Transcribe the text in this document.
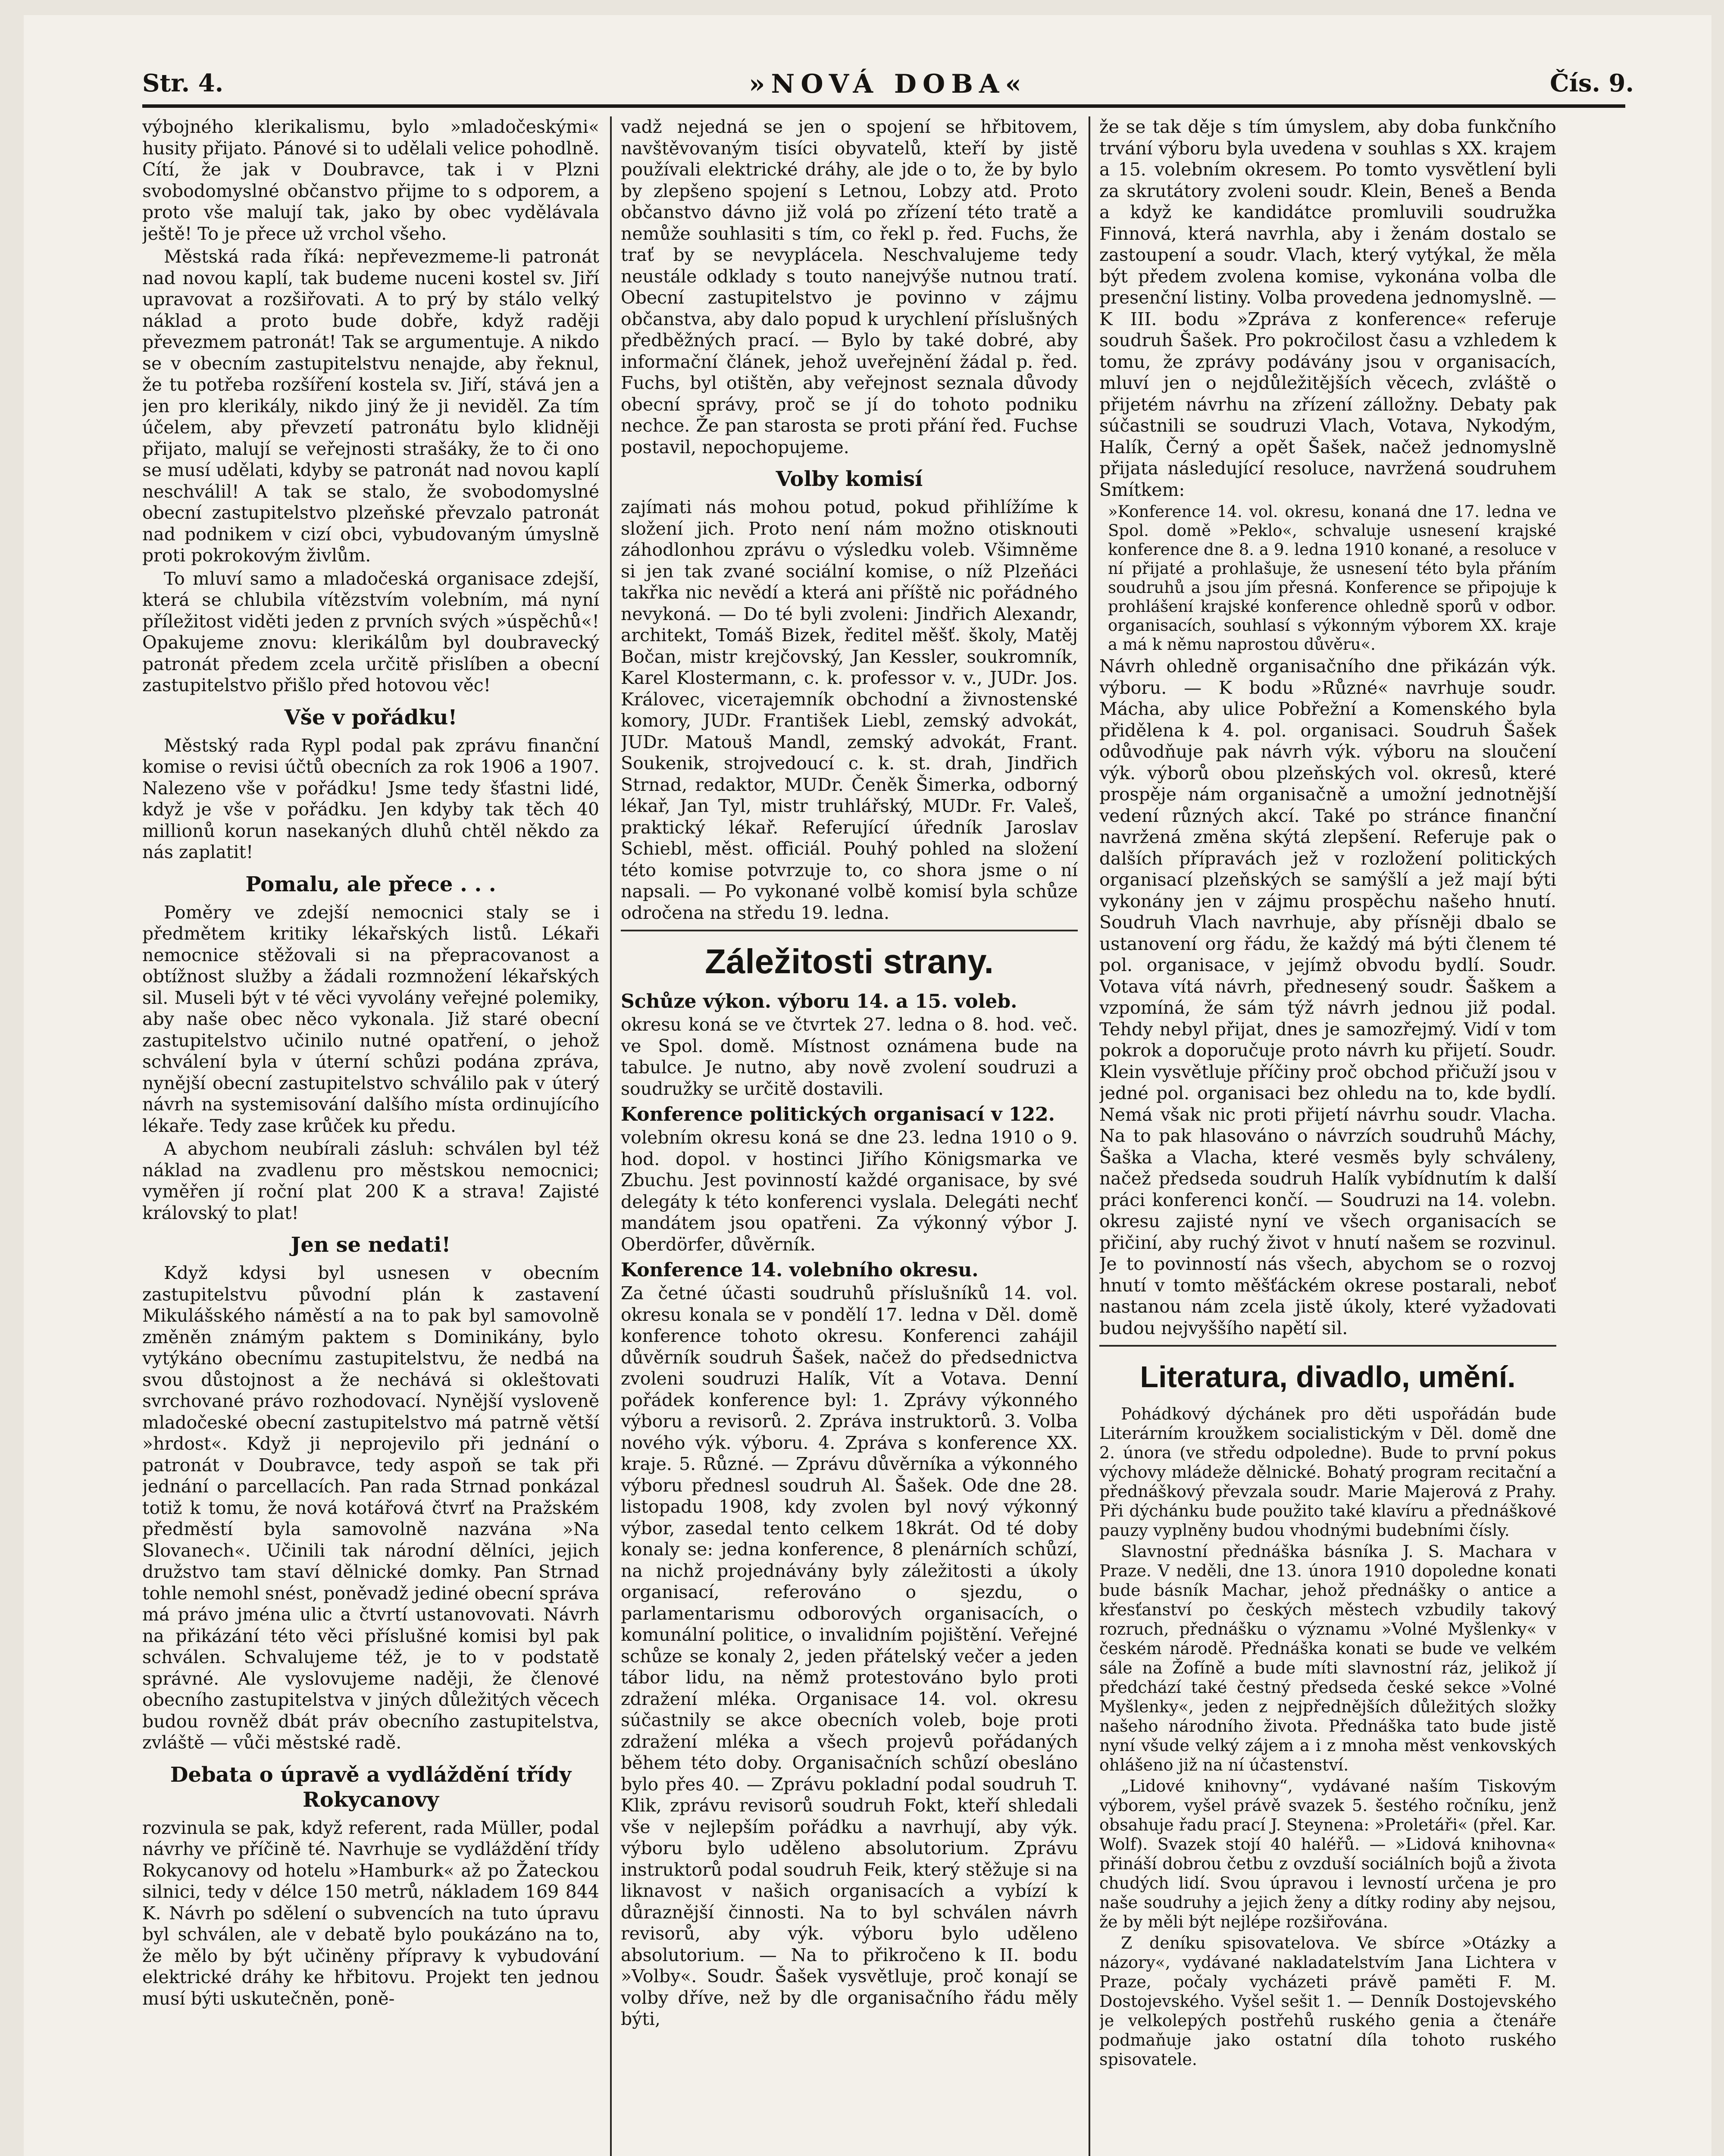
Str. 4.	»NOVÁ DOBA«	Čís. 9.

výbojného klerikalismu, bylo »mladočeskými« husity přijato. Pánové si to udělali velice pohodlně. Cítí, že jak v Doubravce, tak i v Plzni svobodomyslné občanstvo přijme to s odporem, a proto vše malují tak, jako by obec vydělávala ještě! To je přece už vrchol všeho.

Městská rada říká: nepřevezmeme-li patronát nad novou kaplí, tak budeme nuceni kostel sv. Jiří upravovat a rozšiřovati. A to prý by stálo velký náklad a proto bude dobře, když raději převezmem patronát! Tak se argumentuje. A nikdo se v obecním zastupitelstvu nenajde, aby řeknul, že tu potřeba rozšíření kostela sv. Jiří, stává jen a jen pro klerikály, nikdo jiný že ji neviděl. Za tím účelem, aby převzetí patronátu bylo klidněji přijato, malují se veřejnosti strašáky, že to či ono se musí udělati, kdyby se patronát nad novou kaplí neschválil! A tak se stalo, že svobodomyslné obecní zastupitelstvo plzeňské převzalo patronát nad podnikem v cizí obci, vybudovaným úmyslně proti pokrokovým živlům.

To mluví samo a mladočeská organisace zdejší, která se chlubila vítězstvím volebním, má nyní příležitost viděti jeden z prvních svých »úspěchů«! Opakujeme znovu: klerikálům byl doubravecký patronát předem zcela určitě přislíben a obecní zastupitelstvo přišlo před hotovou věc!

Vše v pořádku!

Městský rada Rypl podal pak zprávu finanční komise o revisi účtů obecních za rok 1906 a 1907. Nalezeno vše v pořádku! Jsme tedy šťastni lidé, když je vše v pořádku. Jen kdyby tak těch 40 millionů korun nasekaných dluhů chtěl někdo za nás zaplatit!

Pomalu, ale přece . . .

Poměry ve zdejší nemocnici staly se i předmětem kritiky lékařských listů. Lékaři nemocnice stěžovali si na přepracovanost a obtížnost služby a žádali rozmnožení lékařských sil. Museli být v té věci vyvolány veřejné polemiky, aby naše obec něco vykonala. Již staré obecní zastupitelstvo učinilo nutné opatření, o jehož schválení byla v úterní schůzi podána zpráva, nynější obecní zastupitelstvo schválilo pak v úterý návrh na systemisování dalšího místa ordinujícího lékaře. Tedy zase krůček ku předu.

A abychom neubírali zásluh: schválen byl též náklad na zvadlenu pro městskou nemocnici; vyměřen jí roční plat 200 K a strava! Zajisté královský to plat!

Jen se nedati!

Když kdysi byl usnesen v obecním zastupitelstvu původní plán k zastavení Mikulášského náměstí a na to pak byl samovolně změněn známým paktem s Dominikány, bylo vytýkáno obecnímu zastupitelstvu, že nedbá na svou důstojnost a že nechává si okleštovati svrchované právo rozhodovací. Nynější vysloveně mladočeské obecní zastupitelstvo má patrně větší »hrdost«. Když ji neprojevilo při jednání o patronát v Doubravce, tedy aspoň se tak při jednání o parcellacích. Pan rada Strnad ponkázal totiž k tomu, že nová kotářová čtvrť na Pražském předměstí byla samovolně nazvána »Na Slovanech«. Učinili tak národní dělníci, jejich družstvo tam staví dělnické domky. Pan Strnad tohle nemohl snést, poněvadž jediné obecní správa má právo jména ulic a čtvrtí ustanovovati. Návrh na přikázání této věci příslušné komisi byl pak schválen. Schvalujeme též, je to v podstatě správné. Ale vyslovujeme naději, že členové obecního zastupitelstva v jiných důležitých věcech budou rovněž dbát práv obecního zastupitelstva, zvláště — vůči městské radě.

Debata o úpravě a vydláždění třídy Rokycanovy

rozvinula se pak, když referent, rada Müller, podal návrhy ve příčině té. Navrhuje se vydláždění třídy Rokycanovy od hotelu »Hamburk« až po Žateckou silnici, tedy v délce 150 metrů, nákladem 169 844 K. Návrh po sdělení o subvencích na tuto úpravu byl schválen, ale v debatě bylo poukázáno na to, že mělo by být učiněny přípravy k vybudování elektrické dráhy ke hřbitovu. Projekt ten jednou musí býti uskutečněn, poně-

vadž nejedná se jen o spojení se hřbitovem, navštěvovaným tisíci obyvatelů, kteří by jistě používali elektrické dráhy, ale jde o to, že by bylo by zlepšeno spojení s Letnou, Lobzy atd. Proto občanstvo dávno již volá po zřízení této tratě a nemůže souhlasiti s tím, co řekl p. řed. Fuchs, že trať by se nevyplácela. Neschvalujeme tedy neustále odklady s touto nanejvýše nutnou tratí. Obecní zastupitelstvo je povinno v zájmu občanstva, aby dalo popud k urychlení příslušných předběžných prací. — Bylo by také dobré, aby informační článek, jehož uveřejnění žádal p. řed. Fuchs, byl otištěn, aby veřejnost seznala důvody obecní správy, proč se jí do tohoto podniku nechce. Že pan starosta se proti přání řed. Fuchse postavil, nepochopujeme.

Volby komisí

zajímati nás mohou potud, pokud přihlížíme k složení jich. Proto není nám možno otisknouti záhodlonhou zprávu o výsledku voleb. Všimněme si jen tak zvané sociální komise, o níž Plzeňáci takřka nic nevědí a která ani příště nic pořádného nevykoná. — Do té byli zvoleni: Jindřich Alexandr, architekt, Tomáš Bizek, ředitel měšť. školy, Matěj Bočan, mistr krejčovský, Jan Kessler, soukromník, Karel Klostermann, c. k. professor v. v., JUDr. Jos. Královec, viceтajemník obchodní a živnostenské komory, JUDr. František Liebl, zemský advokát, JUDr. Matouš Mandl, zemský advokát, Frant. Soukenik, strojvedoucí c. k. st. drah, Jindřich Strnad, redaktor, MUDr. Čeněk Šimerka, odborný lékař, Jan Tyl, mistr truhlářský, MUDr. Fr. Valeš, praktický lékař. Referující úředník Jaroslav Schiebl, měst. officiál. Pouhý pohled na složení této komise potvrzuje to, co shora jsme o ní napsali. — Po vykonané volbě komisí byla schůze odročena na středu 19. ledna.

Záležitosti strany.
Schůze výkon. výboru 14. a 15. voleb.

okresu koná se ve čtvrtek 27. ledna o 8. hod. več. ve Spol. domě. Místnost oznámena bude na tabulce. Je nutno, aby nově zvolení soudruzi a soudružky se určitě dostavili.

Konference politických organisací v 122.

volebním okresu koná se dne 23. ledna 1910 o 9. hod. dopol. v hostinci Jiřího Königsmarka ve Zbuchu. Jest povinností každé organisace, by své delegáty k této konferenci vyslala. Delegáti nechť mandátem jsou opatřeni. Za výkonný výbor J. Oberdörfer, důvěrník.

Konference 14. volebního okresu.

Za četné účasti soudruhů příslušníků 14. vol. okresu konala se v pondělí 17. ledna v Děl. domě konference tohoto okresu. Konferenci zahájil důvěrník soudruh Šašek, načež do předsednictva zvoleni soudruzi Halík, Vít a Votava. Denní pořádek konference byl: 1. Zprávy výkonného výboru a revisorů. 2. Zpráva instruktorů. 3. Volba nového výk. výboru. 4. Zpráva s konference XX. kraje. 5. Různé. — Zprávu důvěrníka a výkonného výboru přednesl soudruh Al. Šašek. Ode dne 28. listopadu 1908, kdy zvolen byl nový výkonný výbor, zasedal tento celkem 18krát. Od té doby konaly se: jedna konference, 8 plenárních schůzí, na nichž projednávány byly záležitosti a úkoly organisací, referováno o sjezdu, o parlamentarismu odborových organisacích, o komunální politice, o invalidním pojištění. Veřejné schůze se konaly 2, jeden přátelský večer a jeden tábor lidu, na němž protestováno bylo proti zdražení mléka. Organisace 14. vol. okresu súčastnily se akce obecních voleb, boje proti zdražení mléka a všech projevů pořádaných během této doby. Organisačních schůzí obesláno bylo přes 40. — Zprávu pokladní podal soudruh T. Klik, zprávu revisorů soudruh Fokt, kteří shledali vše v nejlepším pořádku a navrhují, aby výk. výboru bylo uděleno absolutorium. Zprávu instruktorů podal soudruh Feik, který stěžuje si na liknavost v našich organisacích a vybízí k důraznější činnosti. Na to byl schválen návrh revisorů, aby výk. výboru bylo uděleno absolutorium. — Na to přikročeno k II. bodu »Volby«. Soudr. Šašek vysvětluje, proč konají se volby dříve, než by dle organisačního řádu měly býti,

že se tak děje s tím úmyslem, aby doba funkčního trvání výboru byla uvedena v souhlas s XX. krajem a 15. volebním okresem. Po tomto vysvětlení byli za skrutátory zvoleni soudr. Klein, Beneš a Benda a když ke kandidátce promluvili soudružka Finnová, která navrhla, aby i ženám dostalo se zastoupení a soudr. Vlach, který vytýkal, že měla být předem zvolena komise, vykonána volba dle presenční listiny. Volba provedena jednomyslně. — K III. bodu »Zpráva z konference« referuje soudruh Šašek. Pro pokročilost času a vzhledem k tomu, že zprávy podávány jsou v organisacích, mluví jen o nejdůležitějších věcech, zvláště o přijetém návrhu na zřízení zálložny. Debaty pak súčastnili se soudruzi Vlach, Votava, Nykodým, Halík, Černý a opět Šašek, načež jednomyslně přijata následující resoluce, navržená soudruhem Smítkem:

»Konference 14. vol. okresu, konaná dne 17. ledna ve Spol. domě »Peklo«, schvaluje usnesení krajské konference dne 8. a 9. ledna 1910 konané, a resoluce v ní přijaté a prohlašuje, že usnesení této byla přáním soudruhů a jsou jím přesná. Konference se připojuje k prohlášení krajské konference ohledně sporů v odbor. organisacích, souhlasí s výkonným výborem XX. kraje a má k němu naprostou důvěru«.

Návrh ohledně organisačního dne přikázán výk. výboru. — K bodu »Různé« navrhuje soudr. Mácha, aby ulice Pobřežní a Komenského byla přidělena k 4. pol. organisaci. Soudruh Šašek odůvodňuje pak návrh výk. výboru na sloučení výk. výborů obou plzeňských vol. okresů, které prospěje nám organisačně a umožní jednotnější vedení různých akcí. Také po stránce finanční navržená změna skýtá zlepšení. Referuje pak o dalších přípravách jež v rozložení politických organisací plzeňských se samýšlí a jež mají býti vykonány jen v zájmu prospěchu našeho hnutí. Soudruh Vlach navrhuje, aby přísněji dbalo se ustanovení org řádu, že každý má býti členem té pol. organisace, v jejímž obvodu bydlí. Soudr. Votava vítá návrh, přednesený soudr. Šaškem a vzpomíná, že sám týž návrh jednou již podal. Tehdy nebyl přijat, dnes je samozřejmý. Vidí v tom pokrok a doporučuje proto návrh ku přijetí. Soudr. Klein vysvětluje příčiny proč obchod přičuží jsou v jedné pol. organisaci bez ohledu na to, kde bydlí. Nemá však nic proti přijetí návrhu soudr. Vlacha. Na to pak hlasováno o návrzích soudruhů Máchy, Šaška a Vlacha, které vesměs byly schváleny, načež předseda soudruh Halík vybídnutím k další práci konferenci končí. — Soudruzi na 14. volebn. okresu zajisté nyní ve všech organisacích se přičiní, aby ruchý život v hnutí našem se rozvinul. Je to povinností nás všech, abychom se o rozvoj hnutí v tomto měšťáckém okrese postarali, neboť nastanou nám zcela jistě úkoly, které vyžadovati budou nejvyššího napětí sil.

Literatura, divadlo, umění.

Pohádkový dýchánek pro děti uspořádán bude Literárním kroužkem socialistickým v Děl. domě dne 2. února (ve středu odpoledne). Bude to první pokus výchovy mládeže dělnické. Bohatý program recitační a přednáškový převzala soudr. Marie Majerová z Prahy. Při dýchánku bude použito také klavíru a přednáškové pauzy vyplněny budou vhodnými budebními čísly.

Slavnostní přednáška básníka J. S. Machara v Praze. V neděli, dne 13. února 1910 dopoledne konati bude básník Machar, jehož přednášky o antice a křesťanství po českých městech vzbudily takový rozruch, přednášku o významu »Volné Myšlenky« v českém národě. Přednáška konati se bude ve velkém sále na Žofíně a bude míti slavnostní ráz, jelikož jí předchází také čestný předseda české sekce »Volné Myšlenky«, jeden z nejpřednějších důležitých složky našeho národního života. Přednáška tato bude jistě nyní všude velký zájem a i z mnoha měst venkovských ohlášeno již na ní účastenství.

„Lidové knihovny“, vydávané naším Tiskovým výborem, vyšel právě svazek 5. šestého ročníku, jenž obsahuje řadu prací J. Steynena: »Proletáři« (přel. Kar. Wolf). Svazek stojí 40 haléřů. — »Lidová knihovna« přináší dobrou četbu z ovzduší sociálních bojů a života chudých lidí. Svou úpravou i levností určena je pro naše soudruhy a jejich ženy a dítky rodiny aby nejsou, že by měli být nejlépe rozšiřována.

Z deníku spisovatelova. Ve sbírce »Otázky a názory«, vydávané nakladatelstvím Jana Lichtera v Praze, počaly vycházeti právě paměti F. M. Dostojevského. Vyšel sešit 1. — Denník Dostojevského je velkolepých postřehů ruského genia a čtenáře podmaňuje jako ostatní díla tohoto ruského spisovatele.
